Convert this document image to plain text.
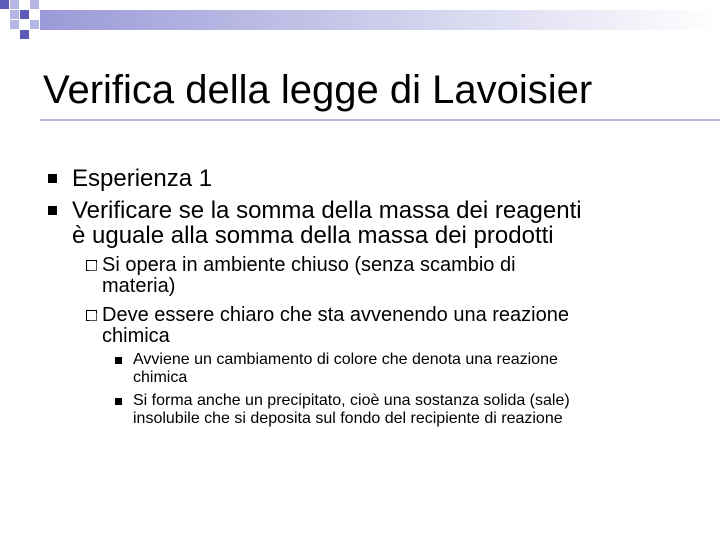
Verifica della legge di Lavoisier
Esperienza 1
Verificare se la somma della massa dei reagenti
è uguale alla somma della massa dei prodotti
Si opera in ambiente chiuso (senza scambio di
materia)
Deve essere chiaro che sta avvenendo una reazione
chimica
Avviene un cambiamento di colore che denota una reazione
chimica
Si forma anche un precipitato, cioè una sostanza solida (sale)
insolubile che si deposita sul fondo del recipiente di reazione
